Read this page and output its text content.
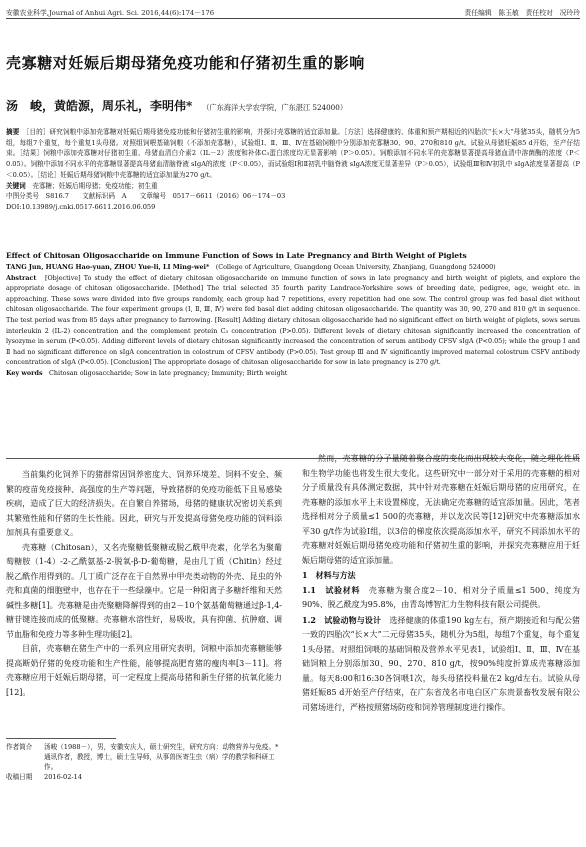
安徽农业科学,Journal of Anhui Agri. Sci. 2016,44(6):174－176	责任编辑　陈玉敏　责任校对　况玲玲
壳寡糖对妊娠后期母猪免疫功能和仔猪初生重的影响
汤　峻，黄皓源，周乐礼，李明伟* （广东海洋大学农学院，广东湛江 524000）
摘要　 ［目的］研究饲粮中添加壳寡糖对妊娠后期母猪免疫功能和仔猪初生重的影响，并探讨壳寡糖的适宜添加量。［方法］选择健康的、体重和预产期相近的四胎次“长×大”母猪35头，随机分为5组，每组7个重复，每个重复1头母猪。对照组饲喂基础饲粮（不添加壳寡糖），试验组Ⅰ、Ⅱ、Ⅲ、Ⅳ在基础饲粮中分别添加壳寡糖30、90、270和810 g/t。试验从母猪妊娠85 d开始，至产仔结束。［结果］饲粮中添加壳寡糖对仔猪初生重、母猪血清白介素2（IL－2）浓度和补体C₃蛋白浓度均无显著影响（P＞0.05）。饲粮添加不同水平的壳寡糖显著提高母猪血清中溶菌酶的浓度（P＜0.05）。饲粮中添加不同水平的壳寡糖显著提高母猪血清脑脊液 sIgA的浓度（P＜0.05），而试验组Ⅰ和Ⅱ初乳中脑脊液 sIgA浓度无显著差异（P＞0.05），试验组Ⅲ和Ⅳ初乳中 sIgA浓度显著提高（P＜0.05）。［结论］妊娠后期母猪饲粮中壳寡糖的适宜添加量为270 g/t。
关键词　 壳寡糖；妊娠后期母猪；免疫功能；初生重
中图分类号　S816.7　　 文献标识码　A　　 文章编号　0517－6611（2016）06－174－03
DOI:10.13989/j.cnki.0517-6611.2016.06.059
Effect of Chitosan Oligosaccharide on Immune Function of Sows in Late Pregnancy and Birth Weight of Piglets
TANG Jun, HUANG Hao-yuan, ZHOU Yue-li, LI Ming-wei*　 (College of Agriculture, Guangdong Ocean University, Zhanjiang, Guangdong 524000)
Abstract　 [Objective] To study the effect of dietary chitosan oligosaccharide on immune function of sows in late pregnancy and birth weight of piglets, and explore the appropriate dosage of chitosan oligosaccharide. [Method] The trial selected 35 fourth parity Landrace-Yorkshire sows of breeding date, pedigree, age, weight etc. in approaching. These sows were divided into five groups randomly, each group had 7 repetitions, every repetition had one sow. The control group was fed basal diet without chitosan oligosaccharide. The four experiment groups (Ⅰ, Ⅱ, Ⅲ, Ⅳ) were fed basal diet adding chitosan oligosaccharide. The quantity was 30, 90, 270 and 810 g/t in sequence. The test period was from 85 days after pregnancy to farrowing. [Result] Adding dietary chitosan oligosaccharide had no significant effect on birth weight of piglets, sows serum interleukin 2 (IL-2) concentration and the complement protein C₃ concentration (P>0.05). Different levels of dietary chitosan significantly increased the concentration of lysozyme in serum (P<0.05). Adding different levels of dietary chitosan significantly increased the concentration of serum antibody CFSV sIgA (P<0.05); while the group Ⅰ and Ⅱ had no significant difference on sIgA concentration in colostrum of CFSV antibody (P>0.05). Test group Ⅲ and Ⅳ significantly improved maternal colostrum CSFV antibody concentration of sIgA (P<0.05). [Conclusion] The appropriate dosage of chitosan oligosaccharide for sow in late pregnancy is 270 g/t.
Key words　 Chitosan oligosaccharide; Sow in late pregnancy; Immunity; Birth weight

当前集约化饲养下的猪群常因饲养密度大、饲养环境差、饲料不安全、频繁的疫苗免疫接种、高强度的生产等问题，导致猪群的免疫功能低下且易感染疾病，造成了巨大的经济损失。在自繁自养猪场，母猪的健康状况密切关系到其繁殖性能和仔猪的生长性能。因此，研究与开发提高母猪免疫功能的饲料添加剂具有重要意义。

壳寡糖（Chitosan），又名壳聚糖低聚糖或脱乙酰甲壳素，化学名为聚葡萄糖胺（1-4）-2-乙酰氨基-2-脱氧-β-D-葡萄糖，是由几丁质（Chitin）经过脱乙酰作用得到的。几丁质广泛存在于自然界中甲壳类动物的外壳、昆虫的外壳和真菌的细胞壁中，也存在于一些绿藻中。它是一种阳离子多糖纤维和天然碱性多糖[1]。壳寡糖是由壳聚糖降解得到的由2－10个氨基葡萄糖通过β-1,4-糖苷键连接而成的低聚糖。壳寡糖水溶性好，易吸收，具有抑菌、抗肿瘤、调节血脂和免疫力等多种生理功能[2]。

目前，壳寡糖在猪生产中的一系列应用研究表明，饲粮中添加壳寡糖能够提高断奶仔猪的免疫功能和生产性能，能够提高肥育猪的瘦肉率[3－11]。将壳寡糖应用于妊娠后期母猪，可一定程度上提高母猪和新生仔猪的抗氧化能力[12]。

然而，壳寡糖的分子量随着聚合度的变化而出现较大变化，随之理化性质和生物学功能也将发生很大变化。这些研究中一部分对于采用的壳寡糖的相对分子质量没有具体测定数据，其中针对壳寡糖在妊娠后期母猪的应用研究，在壳寡糖的添加水平上未设置梯度，无法确定壳寡糖的适宜添加量。因此，笔者选择相对分子质量≤1 500的壳寡糖，并以龙次民等[12]研究中壳寡糖添加水平30 g/t作为试验Ⅰ组，以3倍的梯度依次提高添加水平，研究不同添加水平的壳寡糖对妊娠后期母猪免疫功能和仔猪初生重的影响，并探究壳寡糖应用于妊娠后期母猪的适宜添加量。

1　材料与方法

1.1　试验材料　 壳寡糖为聚合度2－10、相对分子质量≤1 500、纯度为90%、脱乙酰度为95.8%，由青岛博智汇力生物科技有限公司提供。

1.2　试验动物与设计　 选择健康的体重190 kg左右，预产期接近和与配公猪一致的四胎次“长×大”二元母猪35头，随机分为5组，每组7个重复，每个重复1头母猪。对照组饲喂的基础饲粮及营养水平见表1，试验组Ⅰ、Ⅱ、Ⅲ、Ⅳ在基础饲粮上分别添加30、90、270、810 g/t，按90%纯度折算成壳寡糖添加量。每天8:00和16:30各饲喂1次，每头母猪投料量在2 kg/d左右。试验从母猪妊娠85 d开始至产仔结束，在广东省茂名市电白区广东贵景畜牧发展有限公司猪场进行，严格按照猪场防疫和饲养管理制度进行操作。

作者简介	汤峻（1988－），男，安徽安庆人，硕士研究生，研究方向：动物营养与免疫。* 通讯作者，教授，博士，硕士生导师，从事兽医寄生虫（病）学的教学和科研工作。
收稿日期	2016-02-14
